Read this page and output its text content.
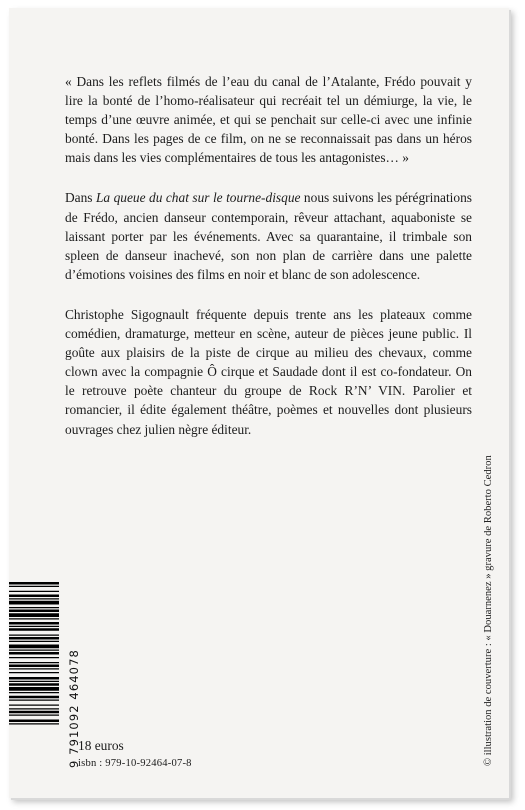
« Dans les reflets filmés de l’eau du canal de l’Atalante, Frédo pouvait y lire la bonté de l’homo-réalisateur qui recréait tel un démiurge, la vie, le temps d’une œuvre animée, et qui se penchait sur celle-ci avec une infinie bonté. Dans les pages de ce film, on ne se reconnaissait pas dans un héros mais dans les vies complémentaires de tous les antagonistes… »

Dans La queue du chat sur le tourne-disque nous suivons les pérégrinations de Frédo, ancien danseur contemporain, rêveur attachant, aquaboniste se laissant porter par les événements. Avec sa quarantaine, il trimbale son spleen de danseur inachevé, son non plan de carrière dans une palette d’émotions voisines des films en noir et blanc de son adolescence.

Christophe Sigognault fréquente depuis trente ans les plateaux comme comédien, dramaturge, metteur en scène, auteur de pièces jeune public. Il goûte aux plaisirs de la piste de cirque au milieu des chevaux, comme clown avec la compagnie Ô cirque et Saudade dont il est co-fondateur. On le retrouve poète chanteur du groupe de Rock R’N’ VIN. Parolier et romancier, il édite également théâtre, poèmes et nouvelles dont plusieurs ouvrages chez julien nègre éditeur.

© illustration de couverture : « Douarnenez » gravure de Roberto Cedron
9 791092 464078
18 euros
isbn : 979-10-92464-07-8
